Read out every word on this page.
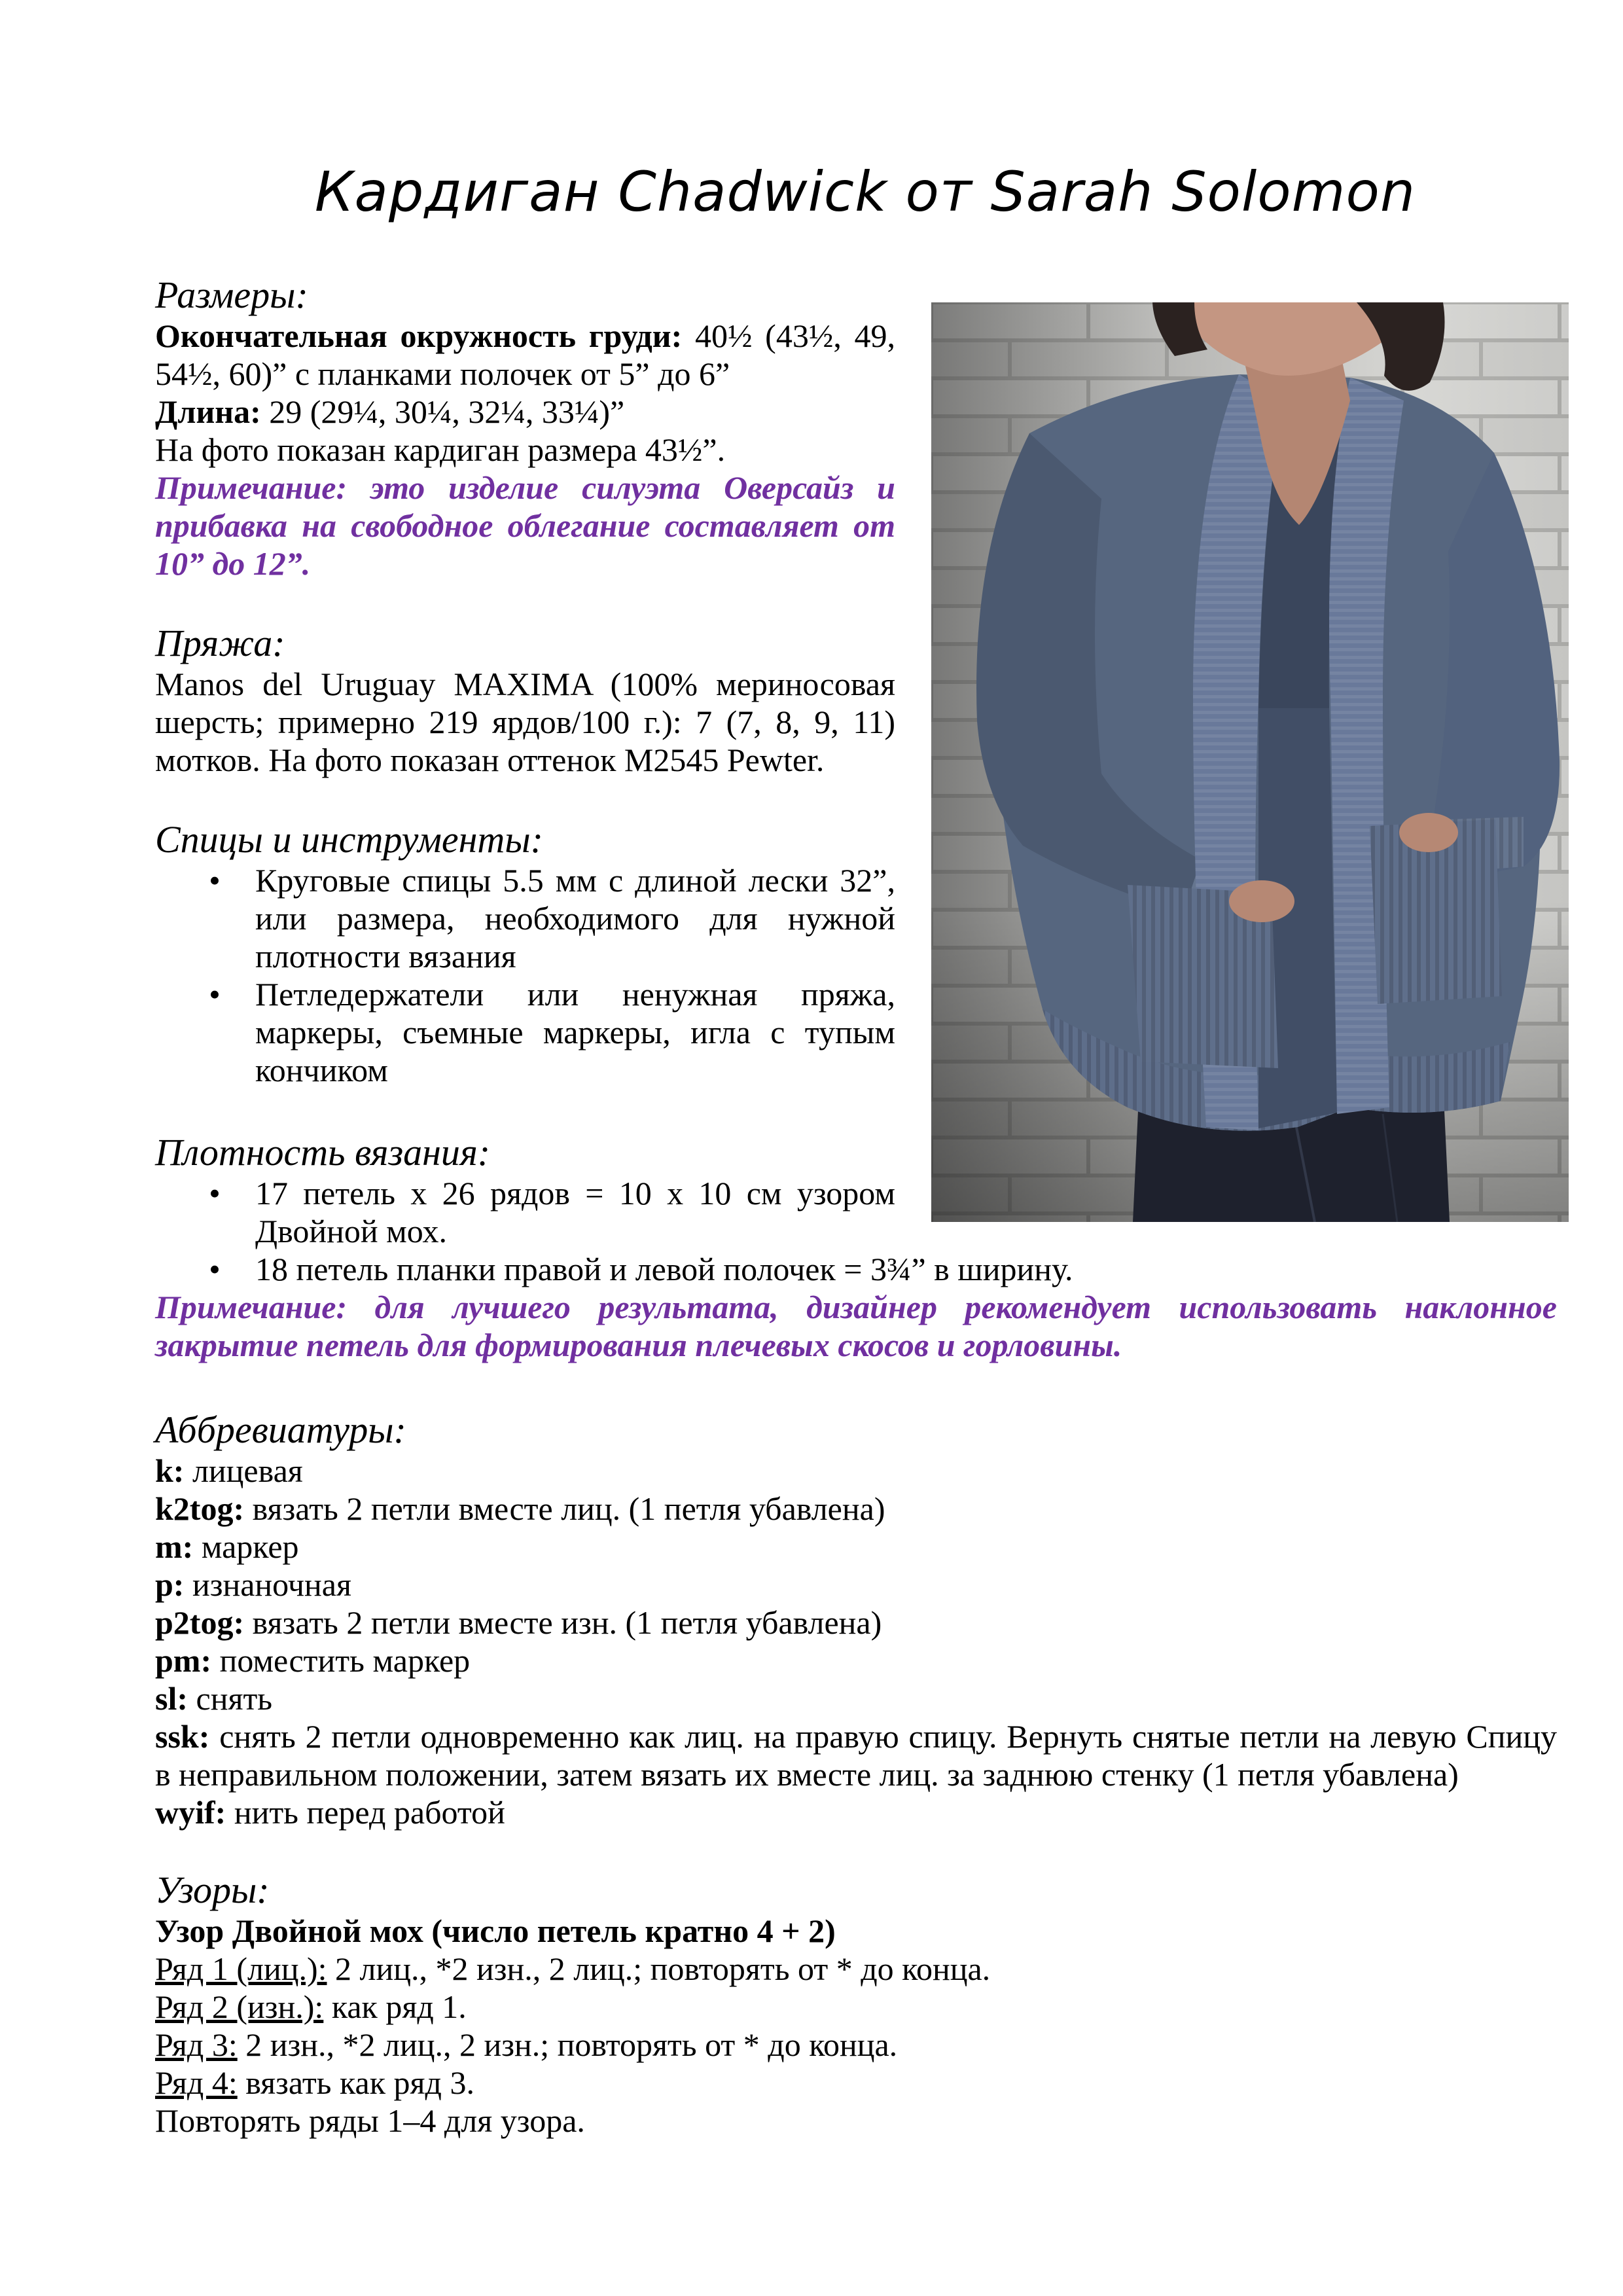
Кардиган Chadwick от Sarah Solomon
Размеры:

Окончательная окружность груди: 40½ (43½, 49, 54½, 60)” с планками полочек от 5” до 6”

Длина: 29 (29¼, 30¼, 32¼, 33¼)”

На фото показан кардиган размера 43½”.

Примечание: это изделие силуэта Оверсайз и прибавка на свободное облегание составляет от 10” до 12”.

Пряжа:

Manos del Uruguay MAXIMA (100% мериносовая шерсть; примерно 219 ярдов/100 г.): 7 (7, 8, 9, 11) мотков. На фото показан оттенок M2545 Pewter.

Спицы и инструменты:
•
Круговые спицы 5.5 мм с длиной лески 32”, или размера, необходимого для нужной плотности вязания
•
Петледержатели или ненужная пряжа, маркеры, съемные маркеры, игла с тупым кончиком
Плотность вязания:
•
17 петель х 26 рядов = 10 х 10 см узором Двойной мох.
•
18 петель планки правой и левой полочек = 3¾” в ширину.

Примечание: для лучшего результата, дизайнер рекомендует использовать наклонное закрытие петель для формирования плечевых скосов и горловины.

Аббревиатуры:

k: лицевая

k2tog: вязать 2 петли вместе лиц. (1 петля убавлена)

m: маркер

p: изнаночная

p2tog: вязать 2 петли вместе изн. (1 петля убавлена)

pm: поместить маркер

sl: снять

ssk: снять 2 петли одновременно как лиц. на правую спицу. Вернуть снятые петли на левую Спицу в неправильном положении, затем вязать их вместе лиц. за заднюю стенку (1 петля убавлена)

wyif: нить перед работой

Узоры:

Узор Двойной мох (число петель кратно 4 + 2)

Ряд 1 (лиц.): 2 лиц., *2 изн., 2 лиц.; повторять от * до конца.

Ряд 2 (изн.): как ряд 1.

Ряд 3: 2 изн., *2 лиц., 2 изн.; повторять от * до конца.

Ряд 4: вязать как ряд 3.

Повторять ряды 1–4 для узора.
